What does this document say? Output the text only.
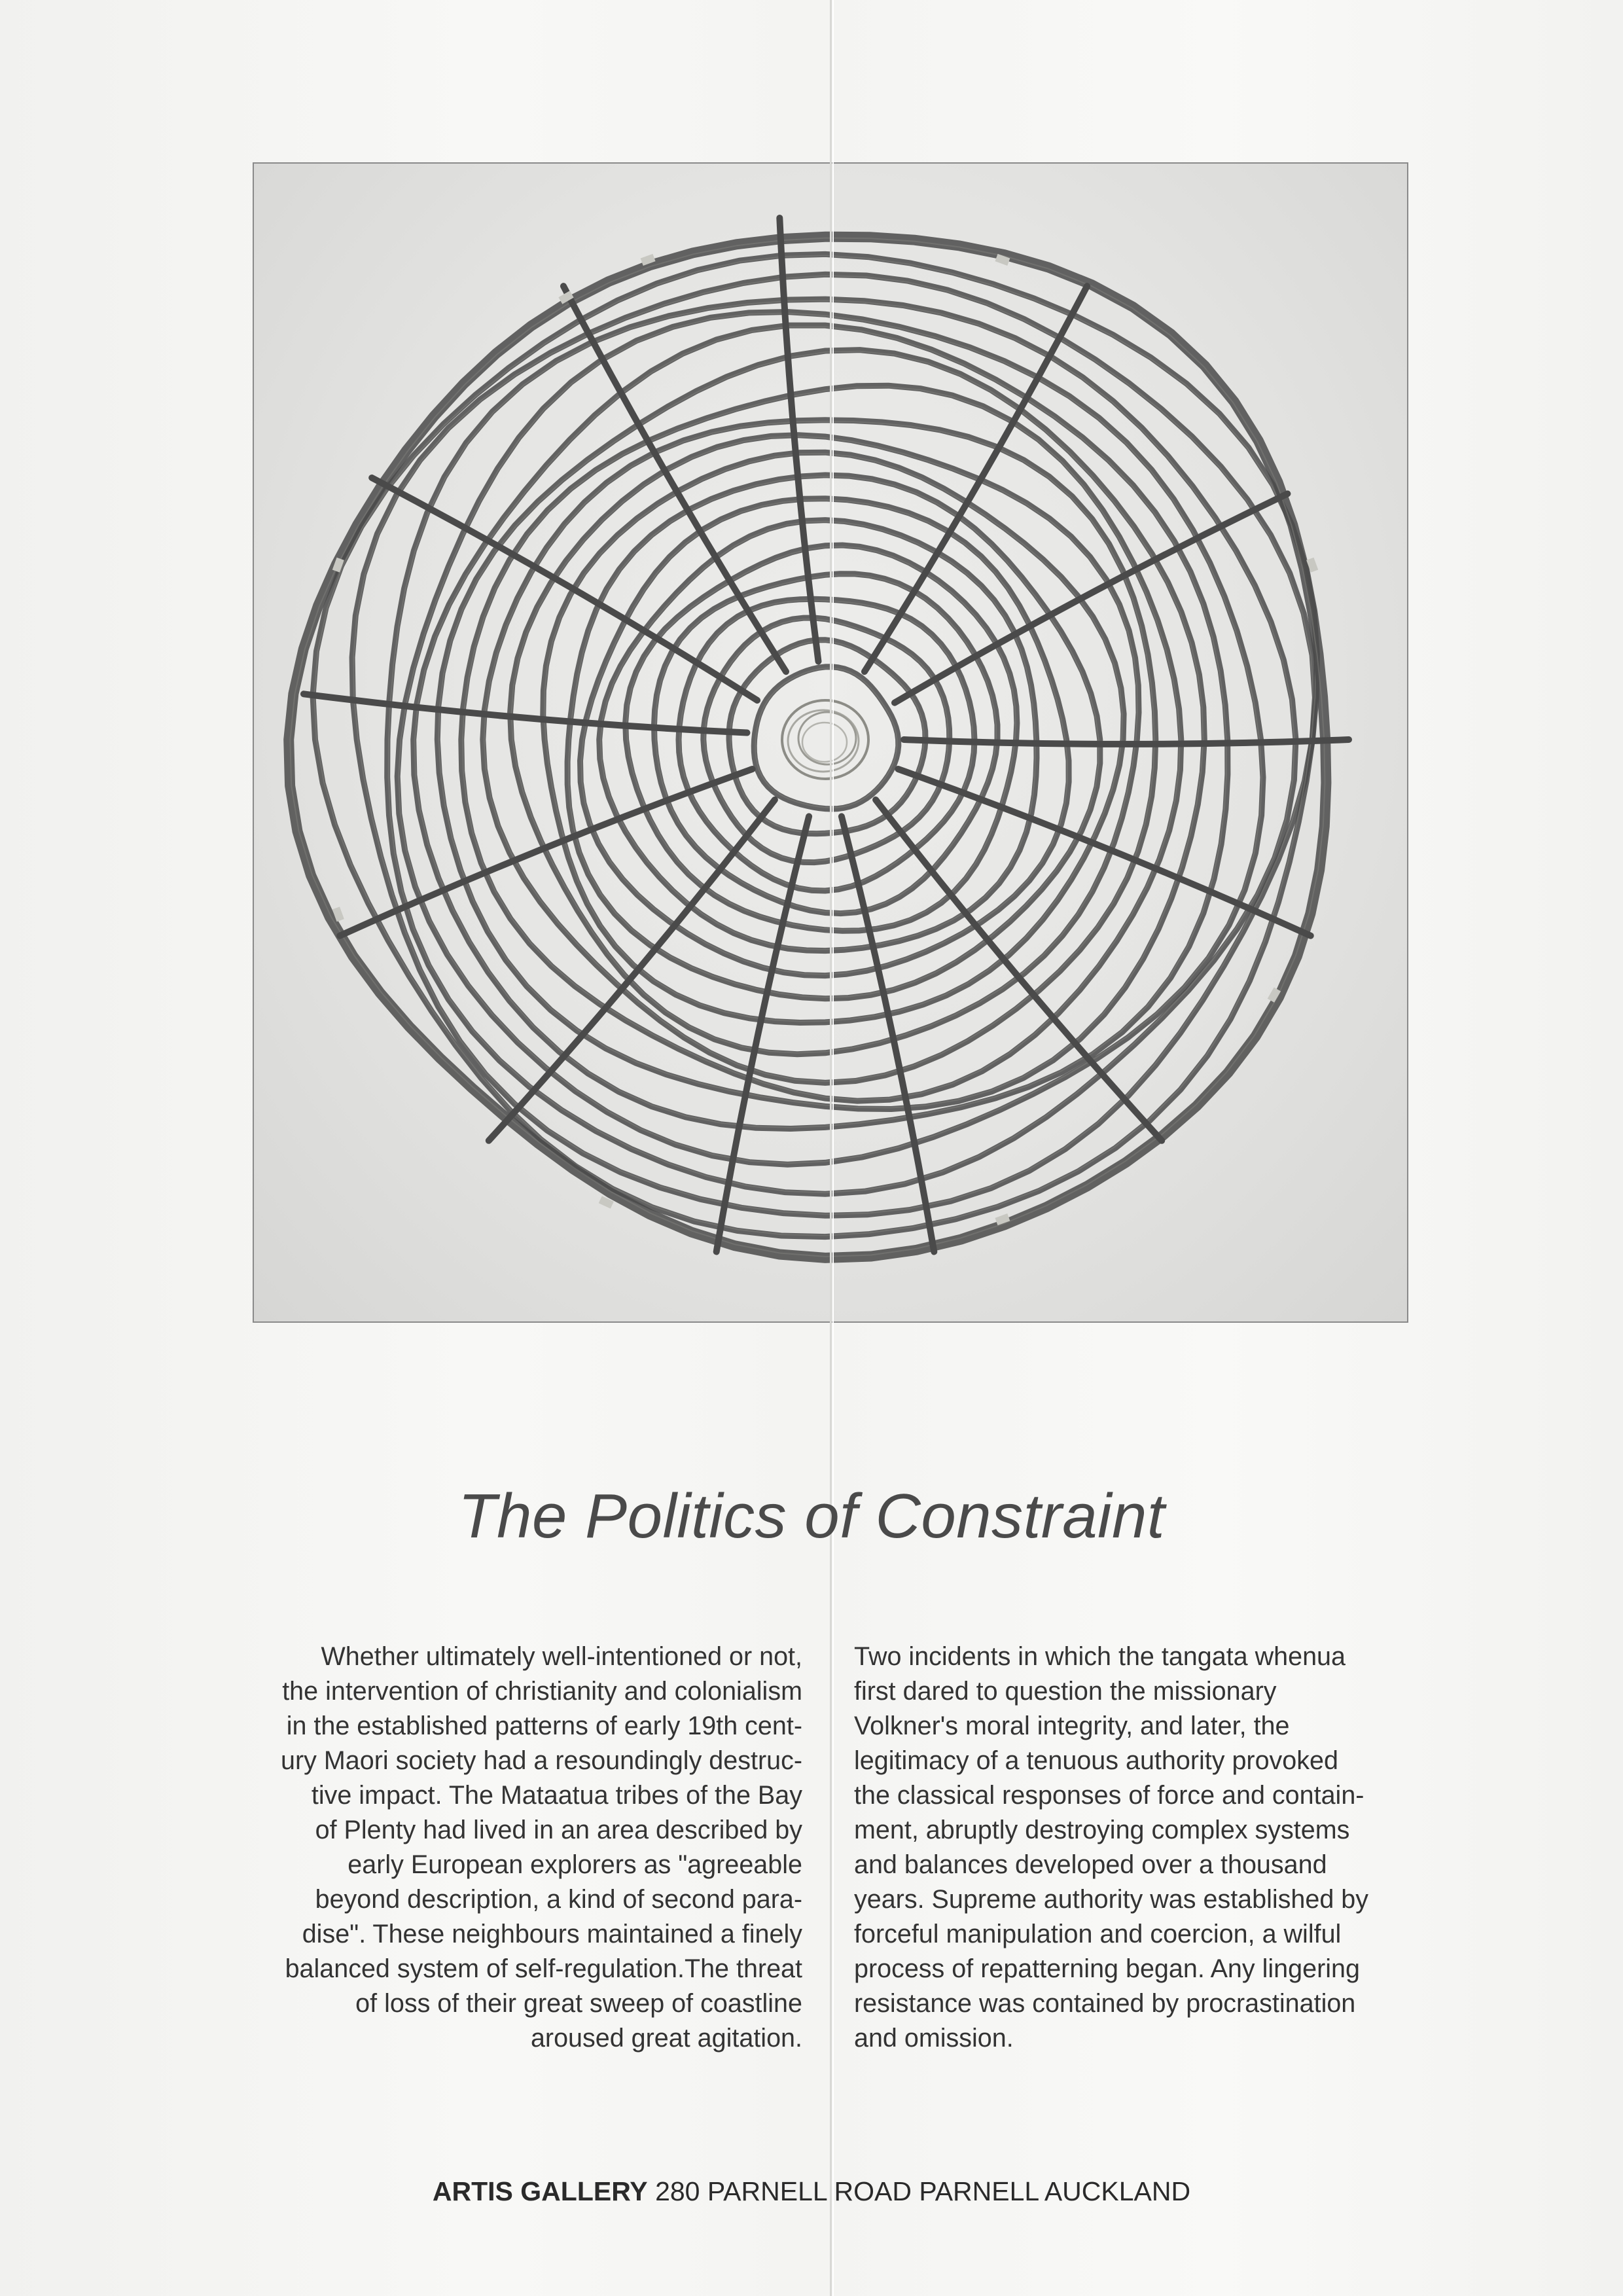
The Politics of Constraint
Whether ultimately well-intentioned or not,
the intervention of christianity and colonialism
in the established patterns of early 19th cent-
ury Maori society had a resoundingly destruc-
tive impact. The Mataatua tribes of the Bay
of Plenty had lived in an area described by
early European explorers as "agreeable
beyond description, a kind of second para-
dise". These neighbours maintained a finely
balanced system of self-regulation.The threat
of loss of their great sweep of coastline
aroused great agitation.
Two incidents in which the tangata whenua
first dared to question the missionary
Volkner's moral integrity, and later, the
legitimacy of a tenuous authority provoked
the classical responses of force and contain-
ment, abruptly destroying complex systems
and balances developed over a thousand
years. Supreme authority was established by
forceful manipulation and coercion, a wilful
process of repatterning began. Any lingering
resistance was contained by procrastination
and omission.
ARTIS GALLERY 280 PARNELL ROAD PARNELL AUCKLAND
